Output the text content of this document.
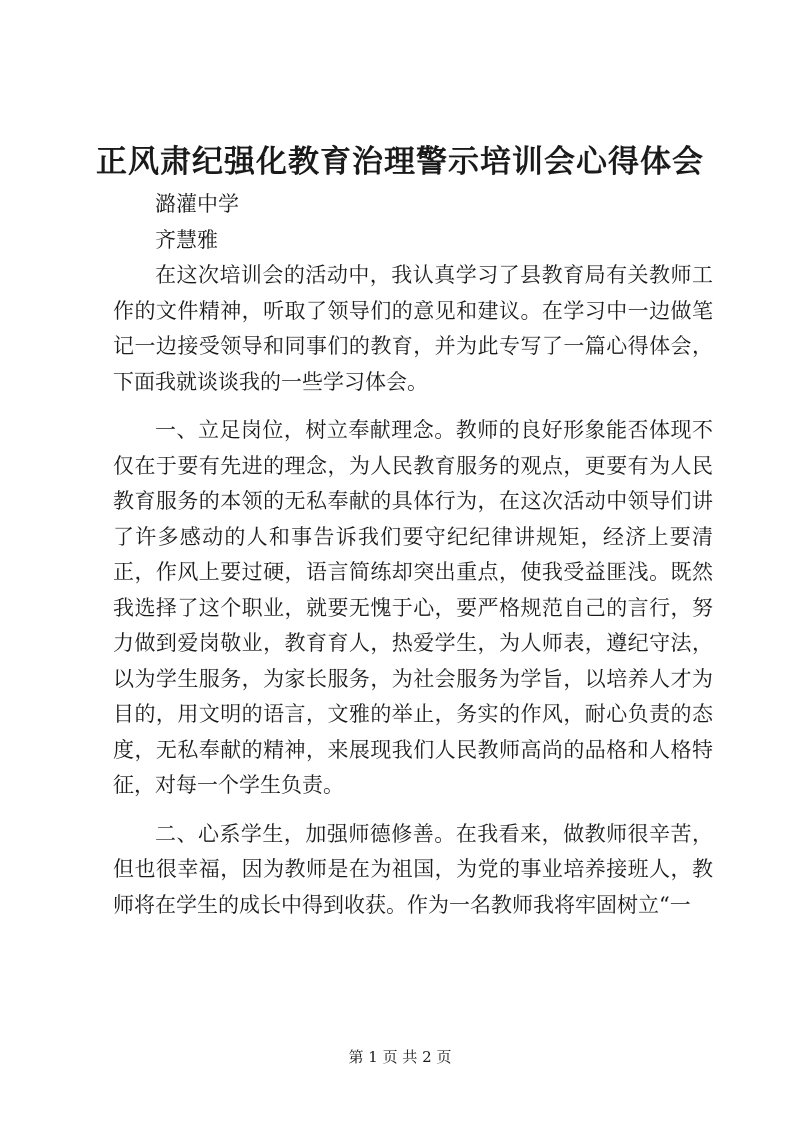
正风肃纪强化教育治理警示培训会心得体会

潞灌中学

齐慧雅

在这次培训会的活动中，我认真学习了县教育局有关教师工作的文件精神，听取了领导们的意见和建议。在学习中一边做笔记一边接受领导和同事们的教育，并为此专写了一篇心得体会，下面我就谈谈我的一些学习体会。

一、立足岗位，树立奉献理念。教师的良好形象能否体现不仅在于要有先进的理念，为人民教育服务的观点，更要有为人民教育服务的本领的无私奉献的具体行为，在这次活动中领导们讲了许多感动的人和事告诉我们要守纪纪律讲规矩，经济上要清正，作风上要过硬，语言简练却突出重点，使我受益匪浅。既然我选择了这个职业，就要无愧于心，要严格规范自己的言行，努力做到爱岗敬业，教育育人，热爱学生，为人师表，遵纪守法，以为学生服务，为家长服务，为社会服务为学旨，以培养人才为目的，用文明的语言，文雅的举止，务实的作风，耐心负责的态度，无私奉献的精神，来展现我们人民教师高尚的品格和人格特征，对每一个学生负责。

二、心系学生，加强师德修善。在我看来，做教师很辛苦，但也很幸福，因为教师是在为祖国，为党的事业培养接班人，教师将在学生的成长中得到收获。作为一名教师我将牢固树立“一

第 1 页 共 2 页
